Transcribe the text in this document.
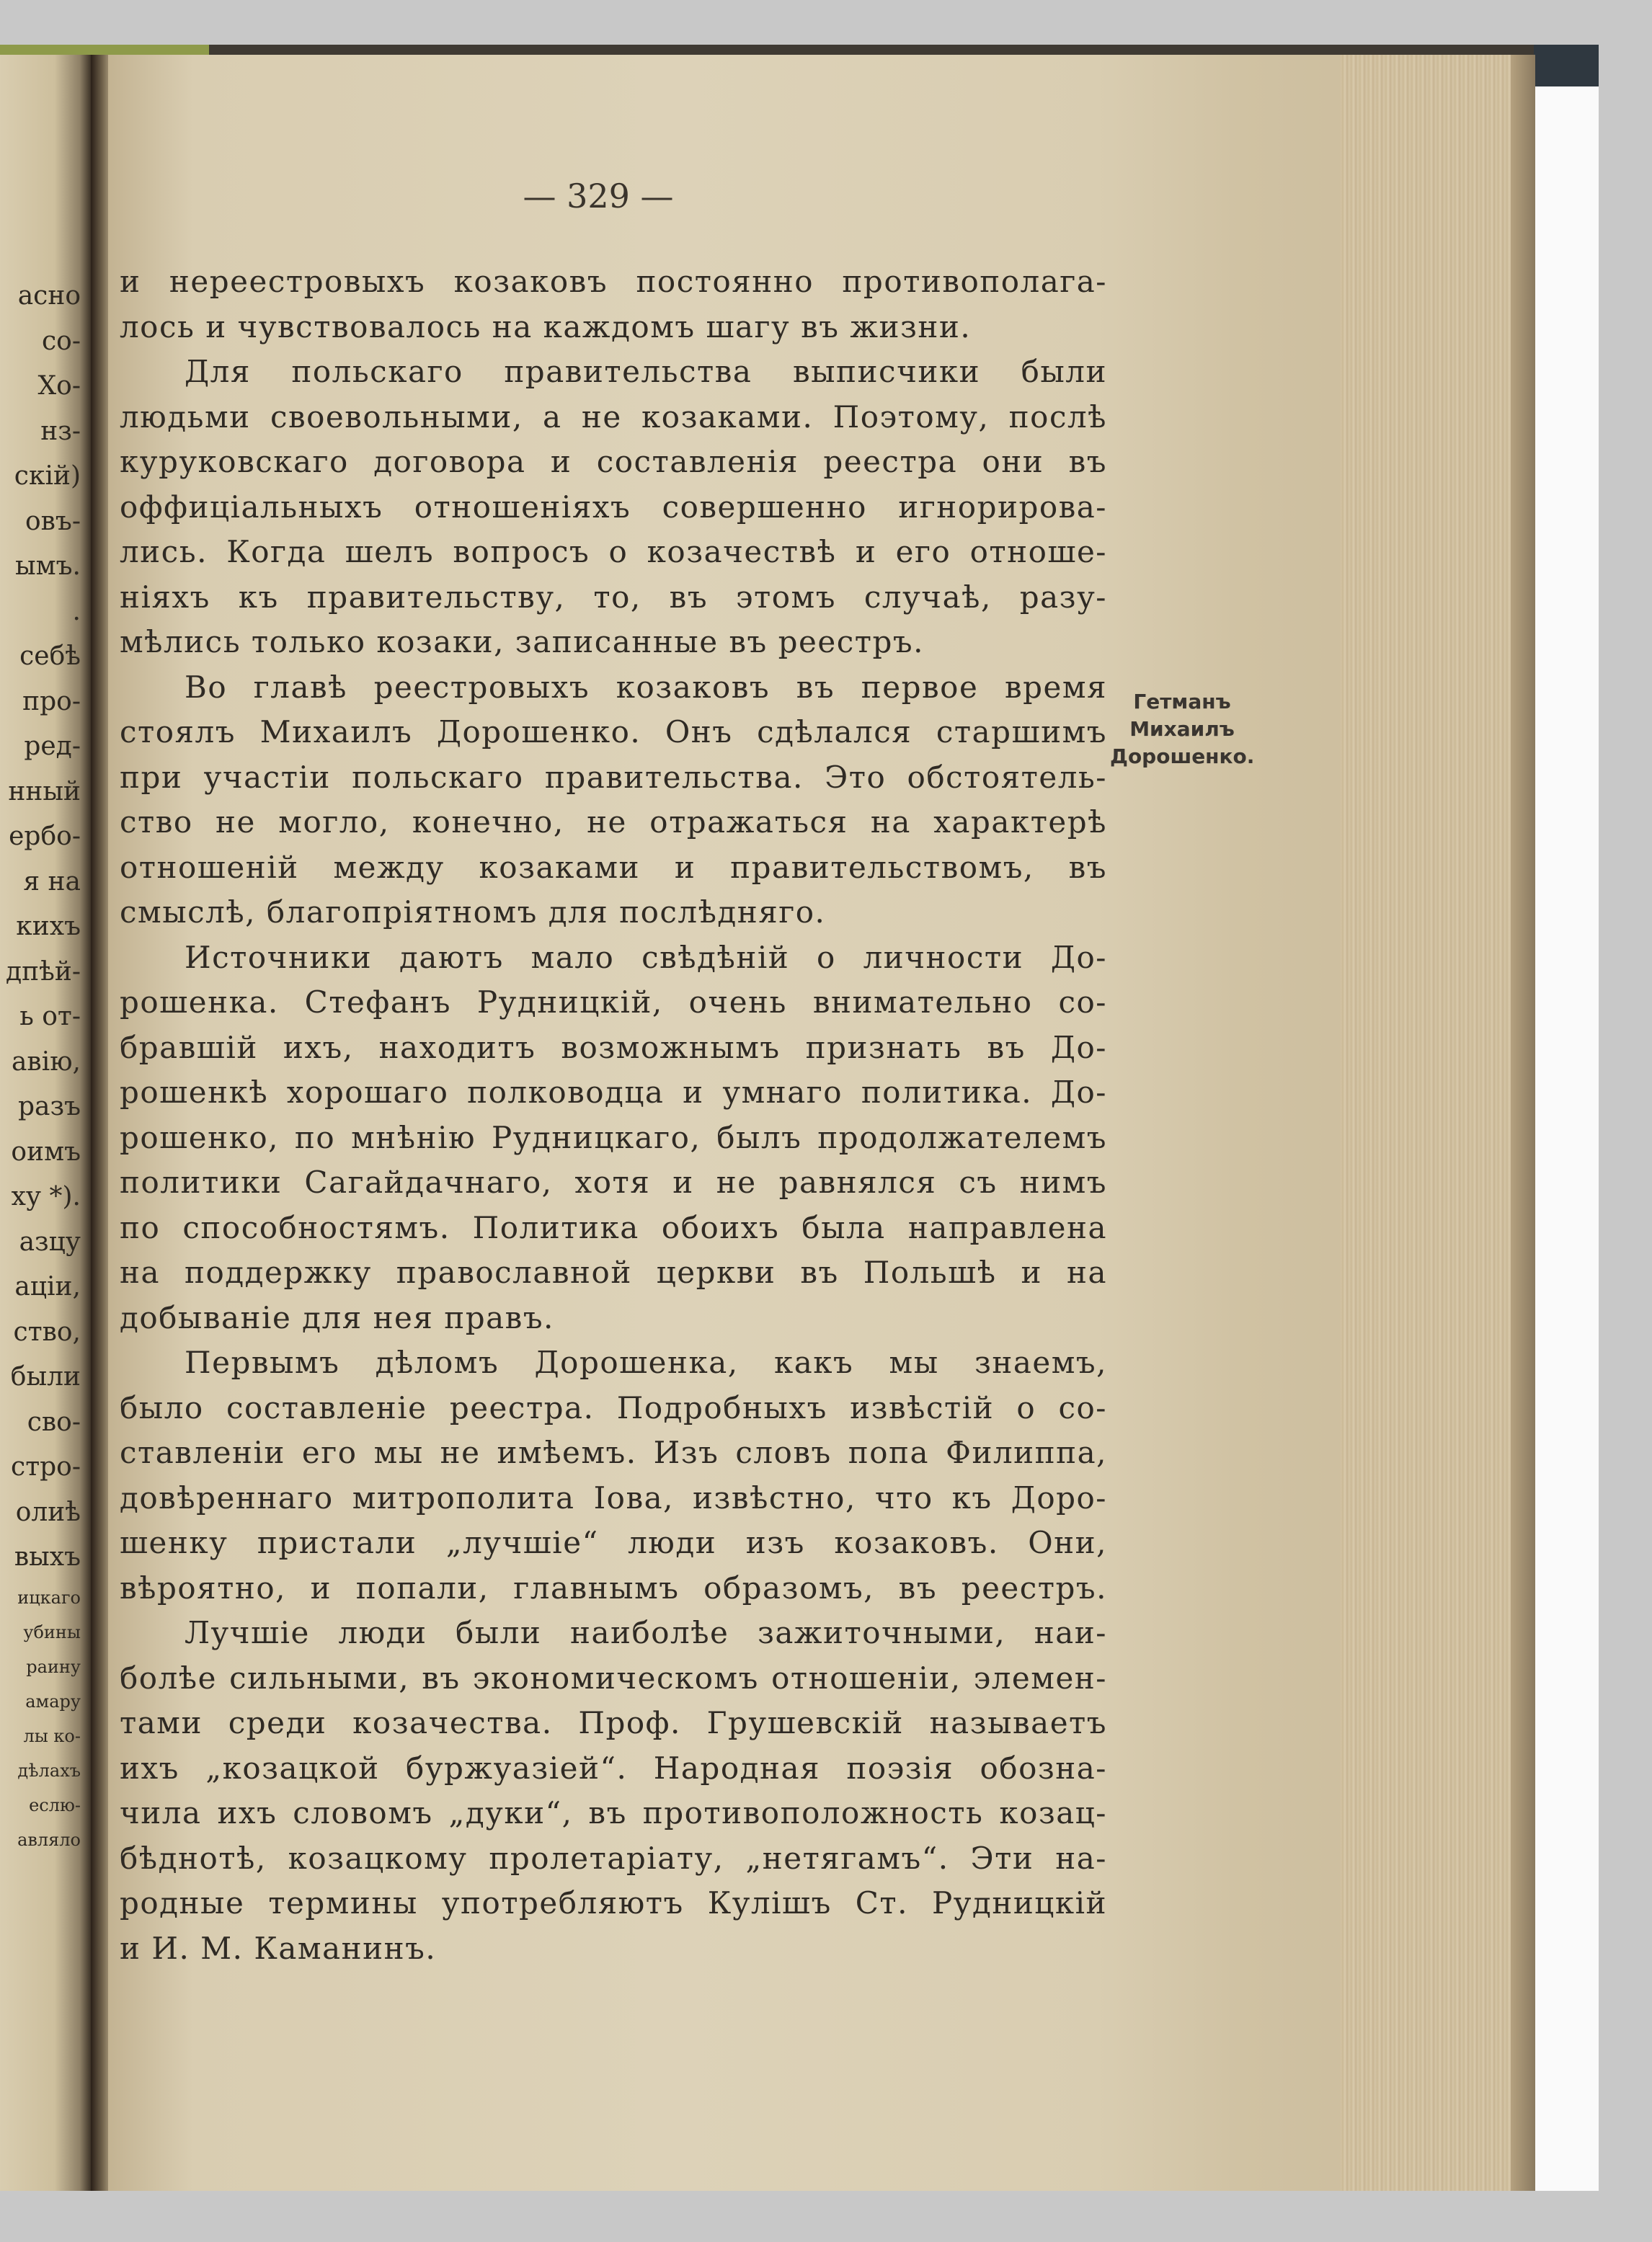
асно
со-
Хо-
нз-
скій)
овъ-
ымъ.
.
себѣ
про-
ред-
нный
ербо-
я на
кихъ
дпѣй-
ь от-
авію,
разъ
оимъ
ху *).
азцу
аціи,
ство,
были
сво-
стро-
олиѣ
выхъ
ицкаго
убины
раину
амару
лы ко-
дѣлахъ
еслю-
авляло
— 329 —
и нереестровыхъ козаковъ постоянно противополага-
лось и чувствовалось на каждомъ шагу въ жизни.
Для польскаго правительства выписчики были
людьми своевольными, а не козаками. Поэтому, послѣ
куруковскаго договора и составленія реестра они въ
оффиціальныхъ отношеніяхъ совершенно игнорирова-
лись. Когда шелъ вопросъ о козачествѣ и его отноше-
ніяхъ къ правительству, то, въ этомъ случаѣ, разу-
мѣлись только козаки, записанные въ реестръ.
Во главѣ реестровыхъ козаковъ въ первое время
стоялъ Михаилъ Дорошенко. Онъ сдѣлался старшимъ
при участіи польскаго правительства. Это обстоятель-
ство не могло, конечно, не отражаться на характерѣ
отношеній между козаками и правительствомъ, въ
смыслѣ, благопріятномъ для послѣдняго.
Источники даютъ мало свѣдѣній о личности До-
рошенка. Стефанъ Рудницкій, очень внимательно со-
бравшій ихъ, находитъ возможнымъ признать въ До-
рошенкѣ хорошаго полководца и умнаго политика. До-
рошенко, по мнѣнію Рудницкаго, былъ продолжателемъ
политики Сагайдачнаго, хотя и не равнялся съ нимъ
по способностямъ. Политика обоихъ была направлена
на поддержку православной церкви въ Польшѣ и на
добываніе для нея правъ.
Первымъ дѣломъ Дорошенка, какъ мы знаемъ,
было составленіе реестра. Подробныхъ извѣстій о со-
ставленіи его мы не имѣемъ. Изъ словъ попа Филиппа,
довѣреннаго митрополита Іова, извѣстно, что къ Доро-
шенку пристали „лучшіе“ люди изъ козаковъ. Они,
вѣроятно, и попали, главнымъ образомъ, въ реестръ.
Лучшіе люди были наиболѣе зажиточными, наи-
болѣе сильными, въ экономическомъ отношеніи, элемен-
тами среди козачества. Проф. Грушевскій называетъ
ихъ „козацкой буржуазіей“. Народная поэзія обозна-
чила ихъ словомъ „дуки“, въ противоположность козац-
бѣднотѣ, козацкому пролетаріату, „нетягамъ“. Эти на-
родные термины употребляютъ Кулішъ Ст. Рудницкій
и И. М. Каманинъ.
Гетманъ
Михаилъ
Дорошенко.
